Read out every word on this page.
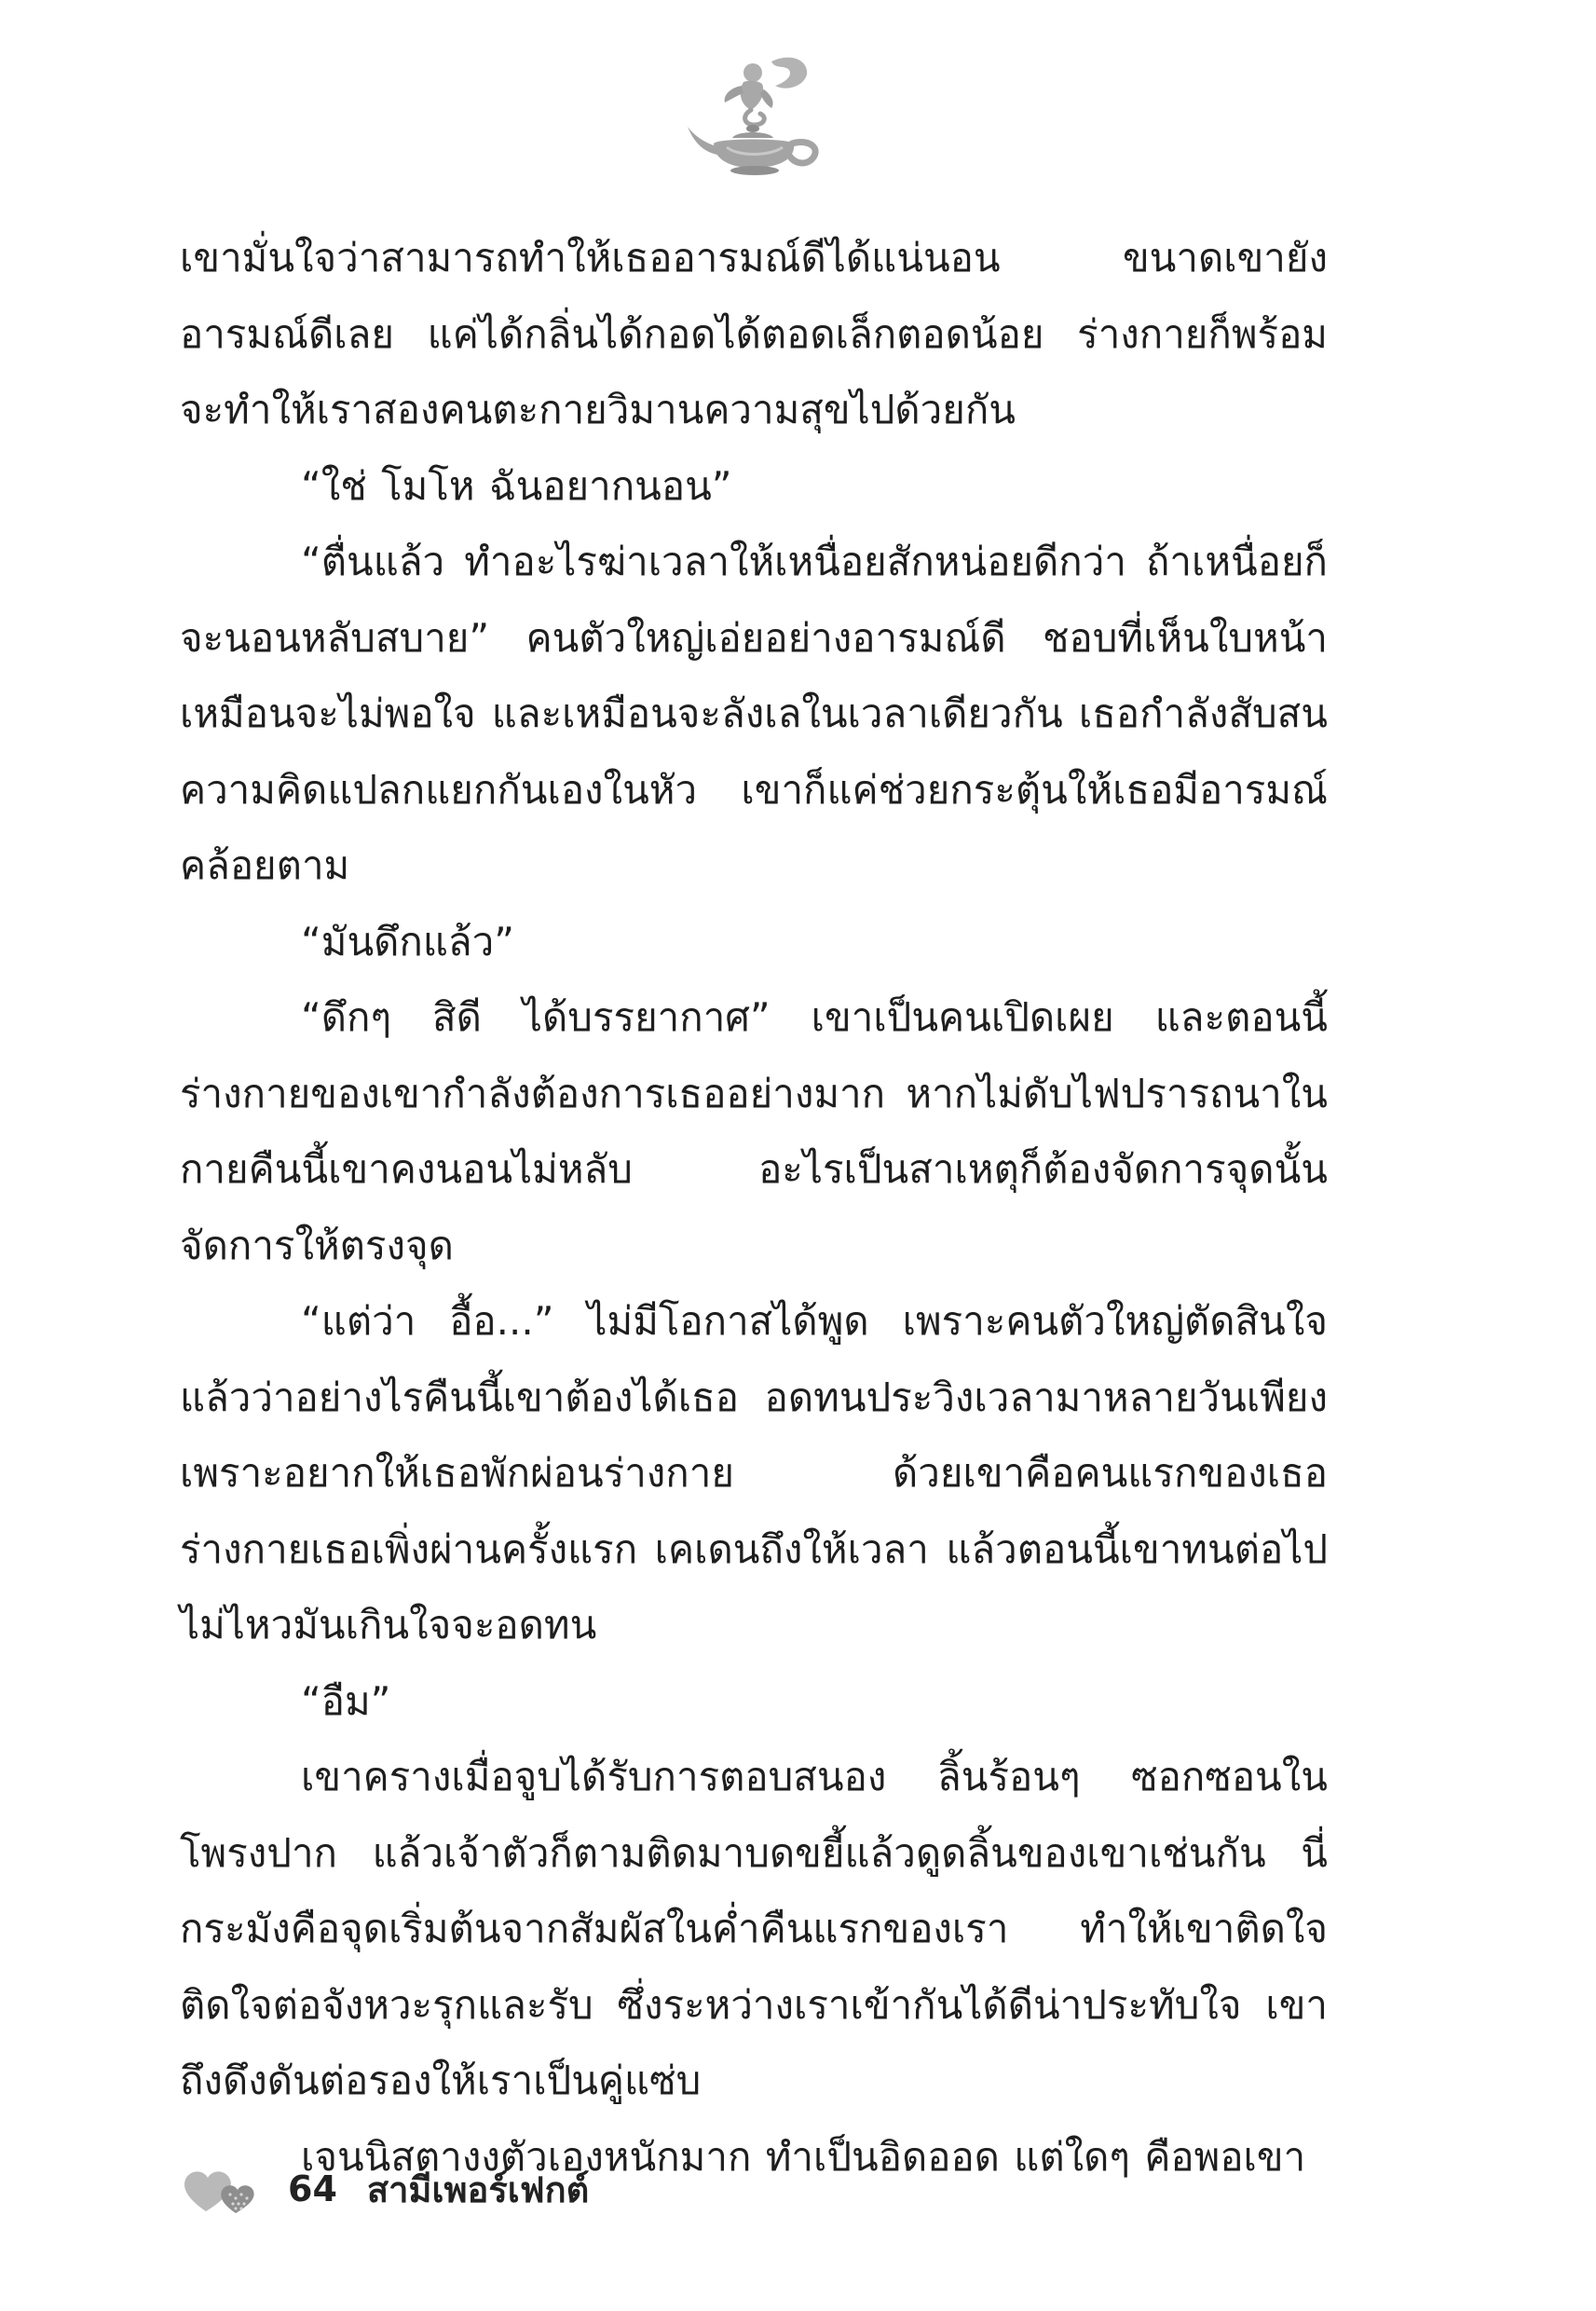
เขามั่นใจว่าสามารถทำให้เธออารมณ์ดีได้แน่นอน ขนาดเขายังอารมณ์ดีเลย แค่ได้กลิ่นได้กอดได้ตอดเล็กตอดน้อย ร่างกายก็พร้อมจะทำให้เราสองคนตะกายวิมานความสุขไปด้วยกัน

“ใช่ โมโห ฉันอยากนอน”

“ตื่นแล้ว ทำอะไรฆ่าเวลาให้เหนื่อยสักหน่อยดีกว่า ถ้าเหนื่อยก็จะนอนหลับสบาย” คนตัวใหญ่เอ่ยอย่างอารมณ์ดี ชอบที่เห็นใบหน้าเหมือนจะไม่พอใจ และเหมือนจะลังเลในเวลาเดียวกัน เธอกำลังสับสนความคิดแปลกแยกกันเองในหัว เขาก็แค่ช่วยกระตุ้นให้เธอมีอารมณ์คล้อยตาม

“มันดึกแล้ว”

“ดึกๆ สิดี ได้บรรยากาศ” เขาเป็นคนเปิดเผย และตอนนี้ร่างกายของเขากำลังต้องการเธออย่างมาก หากไม่ดับไฟปรารถนาในกายคืนนี้เขาคงนอนไม่หลับ อะไรเป็นสาเหตุก็ต้องจัดการจุดนั้น จัดการให้ตรงจุด

“แต่ว่า อื้อ...” ไม่มีโอกาสได้พูด เพราะคนตัวใหญ่ตัดสินใจแล้วว่าอย่างไรคืนนี้เขาต้องได้เธอ อดทนประวิงเวลามาหลายวันเพียงเพราะอยากให้เธอพักผ่อนร่างกาย ด้วยเขาคือคนแรกของเธอ ร่างกายเธอเพิ่งผ่านครั้งแรก เคเดนถึงให้เวลา แล้วตอนนี้เขาทนต่อไปไม่ไหวมันเกินใจจะอดทน

“อืม”

เขาครางเมื่อจูบได้รับการตอบสนอง ลิ้นร้อนๆ ซอกซอนในโพรงปาก แล้วเจ้าตัวก็ตามติดมาบดขยี้แล้วดูดลิ้นของเขาเช่นกัน นี่กระมังคือจุดเริ่มต้นจากสัมผัสในค่ำคืนแรกของเรา ทำให้เขาติดใจติดใจต่อจังหวะรุกและรับ ซึ่งระหว่างเราเข้ากันได้ดีน่าประทับใจ เขาถึงดึงดันต่อรองให้เราเป็นคู่แซ่บ

เจนนิสตางงตัวเองหนักมาก ทำเป็นอิดออด แต่ใดๆ คือพอเขา

64 สามีเพอร์เฟกต์
